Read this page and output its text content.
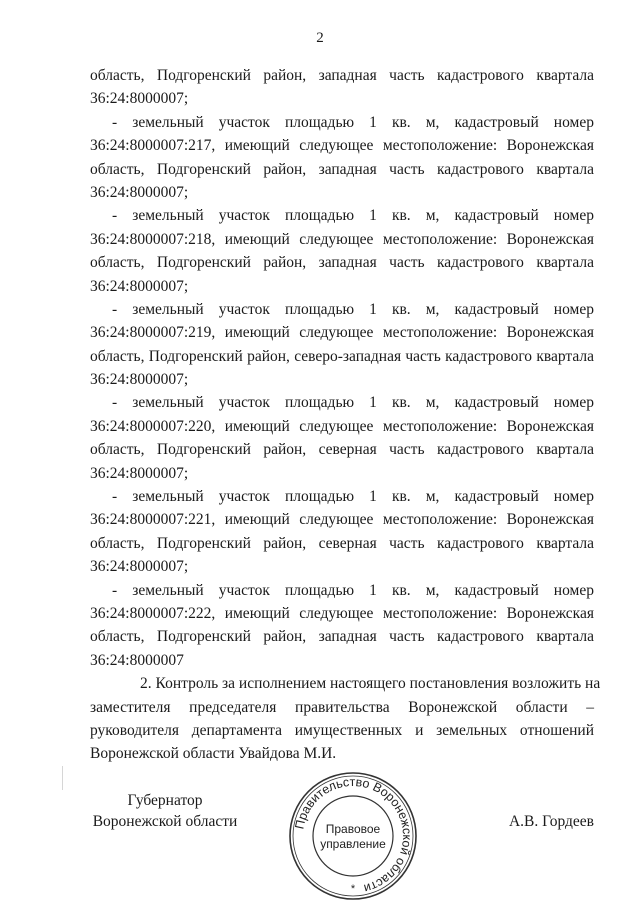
2
область, Подгоренский район, западная часть кадастрового квартала
36:24:8000007;
- земельный участок площадью 1 кв. м, кадастровый номер
36:24:8000007:217, имеющий следующее местоположение: Воронежская
область, Подгоренский район, западная часть кадастрового квартала
36:24:8000007;
- земельный участок площадью 1 кв. м, кадастровый номер
36:24:8000007:218, имеющий следующее местоположение: Воронежская
область, Подгоренский район, западная часть кадастрового квартала
36:24:8000007;
- земельный участок площадью 1 кв. м, кадастровый номер
36:24:8000007:219, имеющий следующее местоположение: Воронежская
область, Подгоренский район, северо-западная часть кадастрового квартала
36:24:8000007;
- земельный участок площадью 1 кв. м, кадастровый номер
36:24:8000007:220, имеющий следующее местоположение: Воронежская
область, Подгоренский район, северная часть кадастрового квартала
36:24:8000007;
- земельный участок площадью 1 кв. м, кадастровый номер
36:24:8000007:221, имеющий следующее местоположение: Воронежская
область, Подгоренский район, северная часть кадастрового квартала
36:24:8000007;
- земельный участок площадью 1 кв. м, кадастровый номер
36:24:8000007:222, имеющий следующее местоположение: Воронежская
область, Подгоренский район, западная часть кадастрового квартала
36:24:8000007
2. Контроль за исполнением настоящего постановления возложить на
заместителя председателя правительства Воронежской области –
руководителя департамента имущественных и земельных отношений
Воронежской области Увайдова М.И.
Губернатор
Воронежской области	Правительство Воронежской области
Правовое
управление
*
А.В. Гордеев
